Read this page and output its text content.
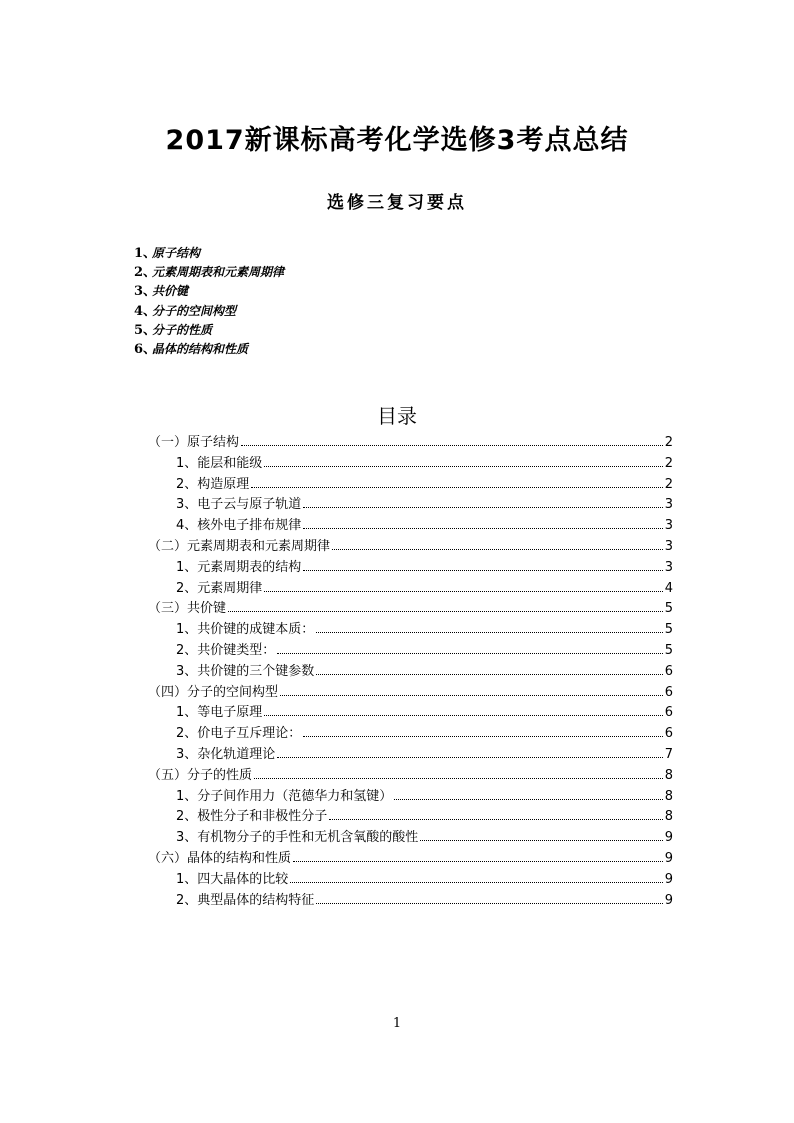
2017新课标高考化学选修3考点总结
选修三复习要点
1、原子结构
2、元素周期表和元素周期律
3、共价键
4、分子的空间构型
5、分子的性质
6、晶体的结构和性质
目录
（一）原子结构	2
1、能层和能级	2
2、构造原理	2
3、电子云与原子轨道	3
4、核外电子排布规律	3
（二）元素周期表和元素周期律	3
1、元素周期表的结构	3
2、元素周期律	4
（三）共价键	5
1、共价键的成键本质：	5
2、共价键类型：	5
3、共价键的三个键参数	6
（四）分子的空间构型	6
1、等电子原理	6
2、价电子互斥理论：	6
3、杂化轨道理论	7
（五）分子的性质	8
1、分子间作用力（范德华力和氢键）	8
2、极性分子和非极性分子	8
3、有机物分子的手性和无机含氧酸的酸性	9
（六）晶体的结构和性质	9
1、四大晶体的比较	9
2、典型晶体的结构特征	9
1
